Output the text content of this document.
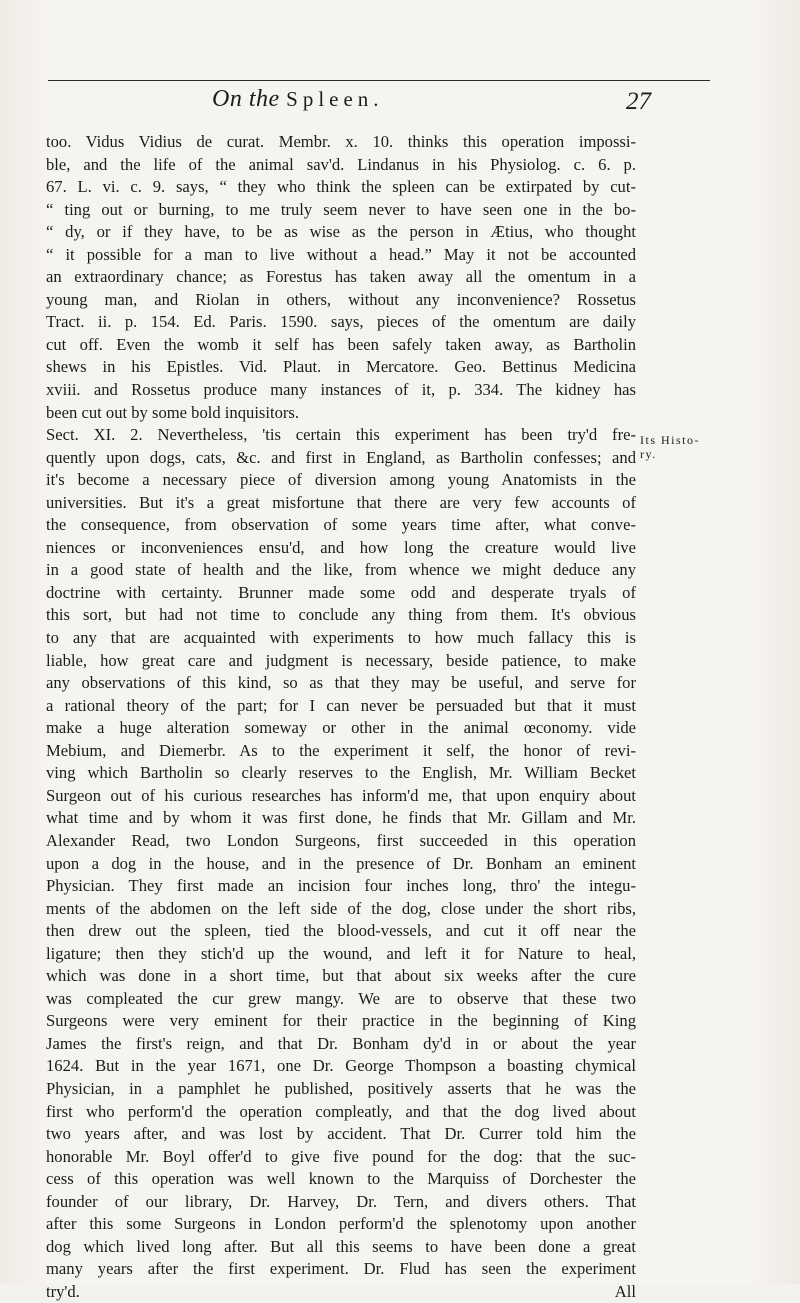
On the Spleen.	27
Its Histo-
ry.
too. Vidus Vidius de curat. Membr. x. 10. thinks this operation impossi-
ble, and the life of the animal sav'd. Lindanus in his Physiolog. c. 6. p.
67. L. vi. c. 9. says, “ they who think the spleen can be extirpated by cut-
“ ting out or burning, to me truly seem never to have seen one in the bo-
“ dy, or if they have, to be as wise as the person in Ætius, who thought
“ it possible for a man to live without a head.” May it not be accounted
an extraordinary chance; as Forestus has taken away all the omentum in a
young man, and Riolan in others, without any inconvenience? Rossetus
Tract. ii. p. 154. Ed. Paris. 1590. says, pieces of the omentum are daily
cut off. Even the womb it self has been safely taken away, as Bartholin
shews in his Epistles. Vid. Plaut. in Mercatore. Geo. Bettinus Medicina
xviii. and Rossetus produce many instances of it, p. 334. The kidney has
been cut out by some bold inquisitors.
Sect. XI. 2. Nevertheless, 'tis certain this experiment has been try'd fre-
quently upon dogs, cats, &c. and first in England, as Bartholin confesses; and
it's become a necessary piece of diversion among young Anatomists in the
universities. But it's a great misfortune that there are very few accounts of
the consequence, from observation of some years time after, what conve-
niences or inconveniences ensu'd, and how long the creature would live
in a good state of health and the like, from whence we might deduce any
doctrine with certainty. Brunner made some odd and desperate tryals of
this sort, but had not time to conclude any thing from them. It's obvious
to any that are acquainted with experiments to how much fallacy this is
liable, how great care and judgment is necessary, beside patience, to make
any observations of this kind, so as that they may be useful, and serve for
a rational theory of the part; for I can never be persuaded but that it must
make a huge alteration someway or other in the animal œconomy. vide
Mebium, and Diemerbr. As to the experiment it self, the honor of revi-
ving which Bartholin so clearly reserves to the English, Mr. William Becket
Surgeon out of his curious researches has inform'd me, that upon enquiry about
what time and by whom it was first done, he finds that Mr. Gillam and Mr.
Alexander Read, two London Surgeons, first succeeded in this operation
upon a dog in the house, and in the presence of Dr. Bonham an eminent
Physician. They first made an incision four inches long, thro' the integu-
ments of the abdomen on the left side of the dog, close under the short ribs,
then drew out the spleen, tied the blood-vessels, and cut it off near the
ligature; then they stich'd up the wound, and left it for Nature to heal,
which was done in a short time, but that about six weeks after the cure
was compleated the cur grew mangy. We are to observe that these two
Surgeons were very eminent for their practice in the beginning of King
James the first's reign, and that Dr. Bonham dy'd in or about the year
1624. But in the year 1671, one Dr. George Thompson a boasting chymical
Physician, in a pamphlet he published, positively asserts that he was the
first who perform'd the operation compleatly, and that the dog lived about
two years after, and was lost by accident. That Dr. Currer told him the
honorable Mr. Boyl offer'd to give five pound for the dog: that the suc-
cess of this operation was well known to the Marquiss of Dorchester the
founder of our library, Dr. Harvey, Dr. Tern, and divers others. That
after this some Surgeons in London perform'd the splenotomy upon another
dog which lived long after. But all this seems to have been done a great
many years after the first experiment. Dr. Flud has seen the experiment
try'd.	All
